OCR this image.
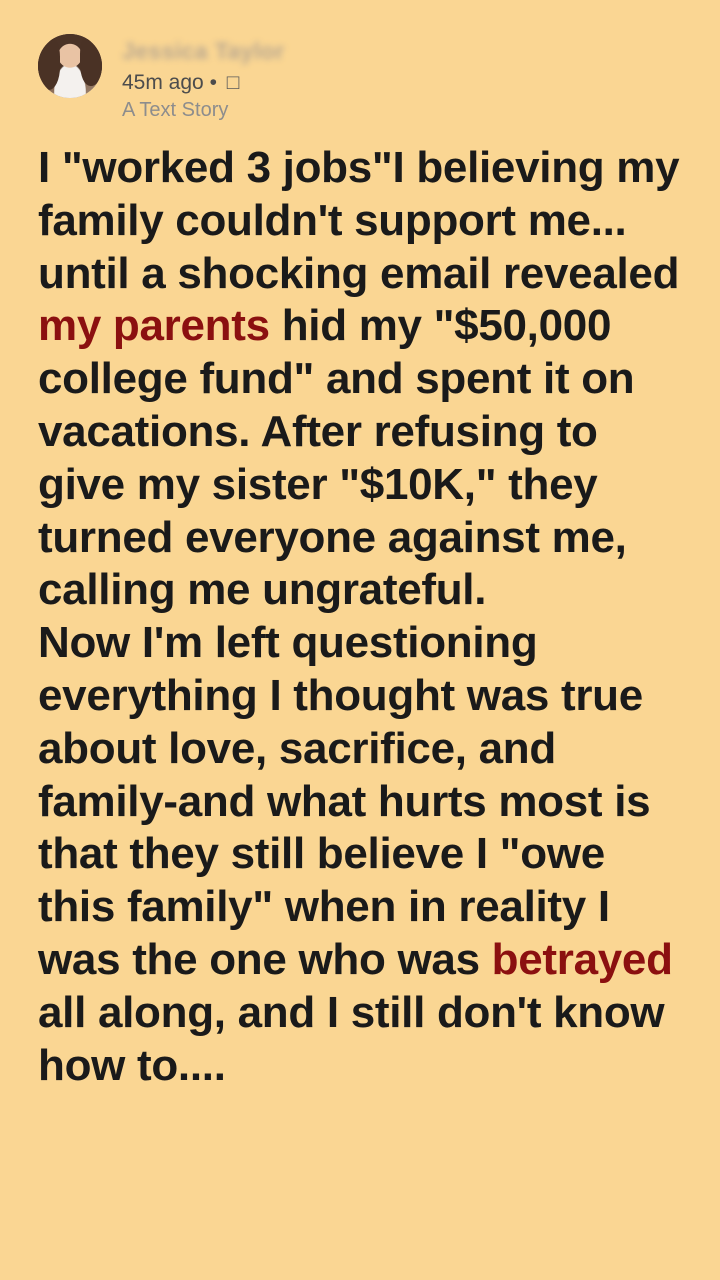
Jessica Taylor
45m ago • □
A Text Story

I "worked 3 jobs"I believing my family couldn't support me... until a shocking email revealed my parents hid my "$50,000 college fund" and spent it on vacations. After refusing to give my sister "$10K," they turned everyone against me, calling me ungrateful.

Now I'm left questioning everything I thought was true about love, sacrifice, and family-and what hurts most is that they still believe I "owe this family" when in reality I was the one who was betrayed all along, and I still don't know how to....
